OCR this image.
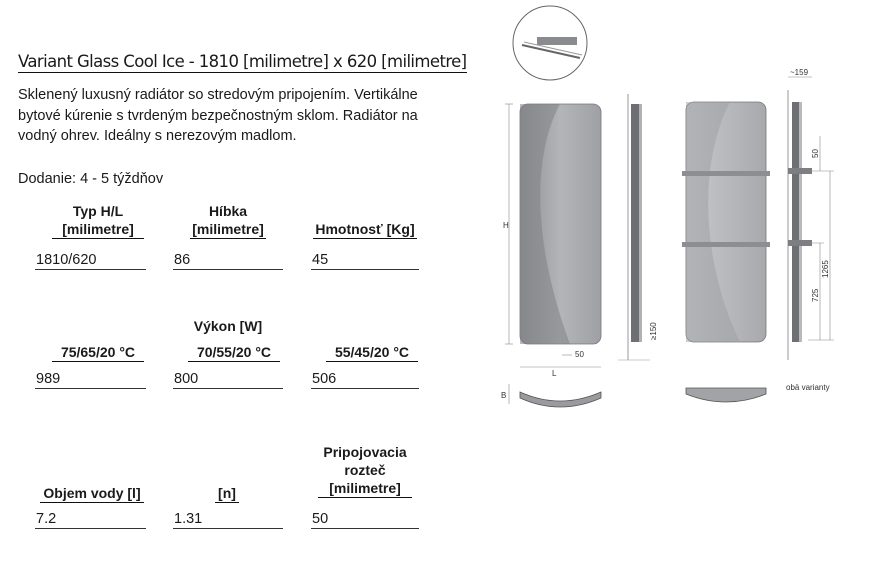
Variant Glass Cool Ice - 1810 [milimetre] x 620 [milimetre]
Sklenený luxusný radiátor so stredovým pripojením. Vertikálne bytové kúrenie s tvrdeným bezpečnostným sklom. Radiátor na vodný ohrev. Ideálny s nerezovým madlom.
Dodanie: 4 - 5 týždňov
Typ H/L
[milimetre]
1810/620
Híbka
[milimetre]
86
Hmotnosť [Kg]
45
Výkon [W]
75/65/20 °C
989
70/55/20 °C
800
55/45/20 °C
506
Objem vody [l]
7.2
[n]
1.31
Pripojovacia
rozteč
[milimetre]
50
H
L
50
B
≥150
~159
50
1265
725
obä varianty
